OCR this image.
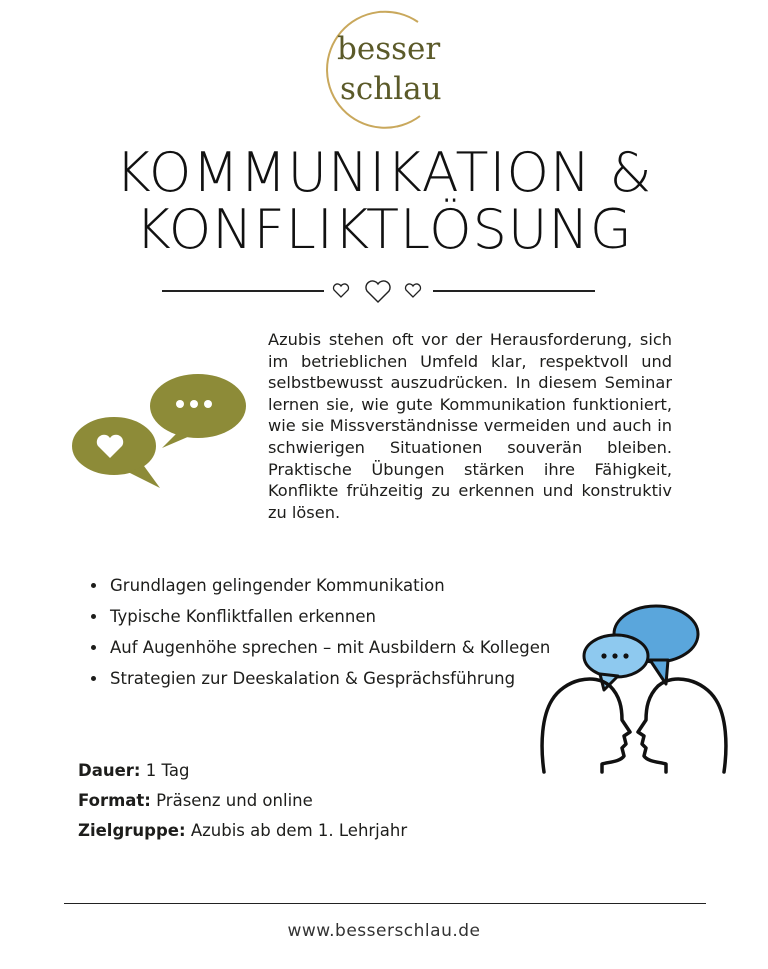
besser
schlau
KOMMUNIKATION &
KONFLIKTLÖSUNG
Azubis stehen oft vor der Herausforderung, sich im betrieblichen Umfeld klar, respektvoll und selbstbewusst auszudrücken. In diesem Seminar lernen sie, wie gute Kommunikation funktioniert, wie sie Missverständnisse vermeiden und auch in schwierigen Situationen souverän bleiben. Praktische Übungen stärken ihre Fähigkeit, Konflikte frühzeitig zu erkennen und konstruktiv zu lösen.
• Grundlagen gelingender Kommunikation
• Typische Konfliktfallen erkennen
• Auf Augenhöhe sprechen – mit Ausbildern & Kollegen
• Strategien zur Deeskalation & Gesprächsführung
Dauer: 1 Tag
Format: Präsenz und online
Zielgruppe: Azubis ab dem 1. Lehrjahr
www.besserschlau.de
